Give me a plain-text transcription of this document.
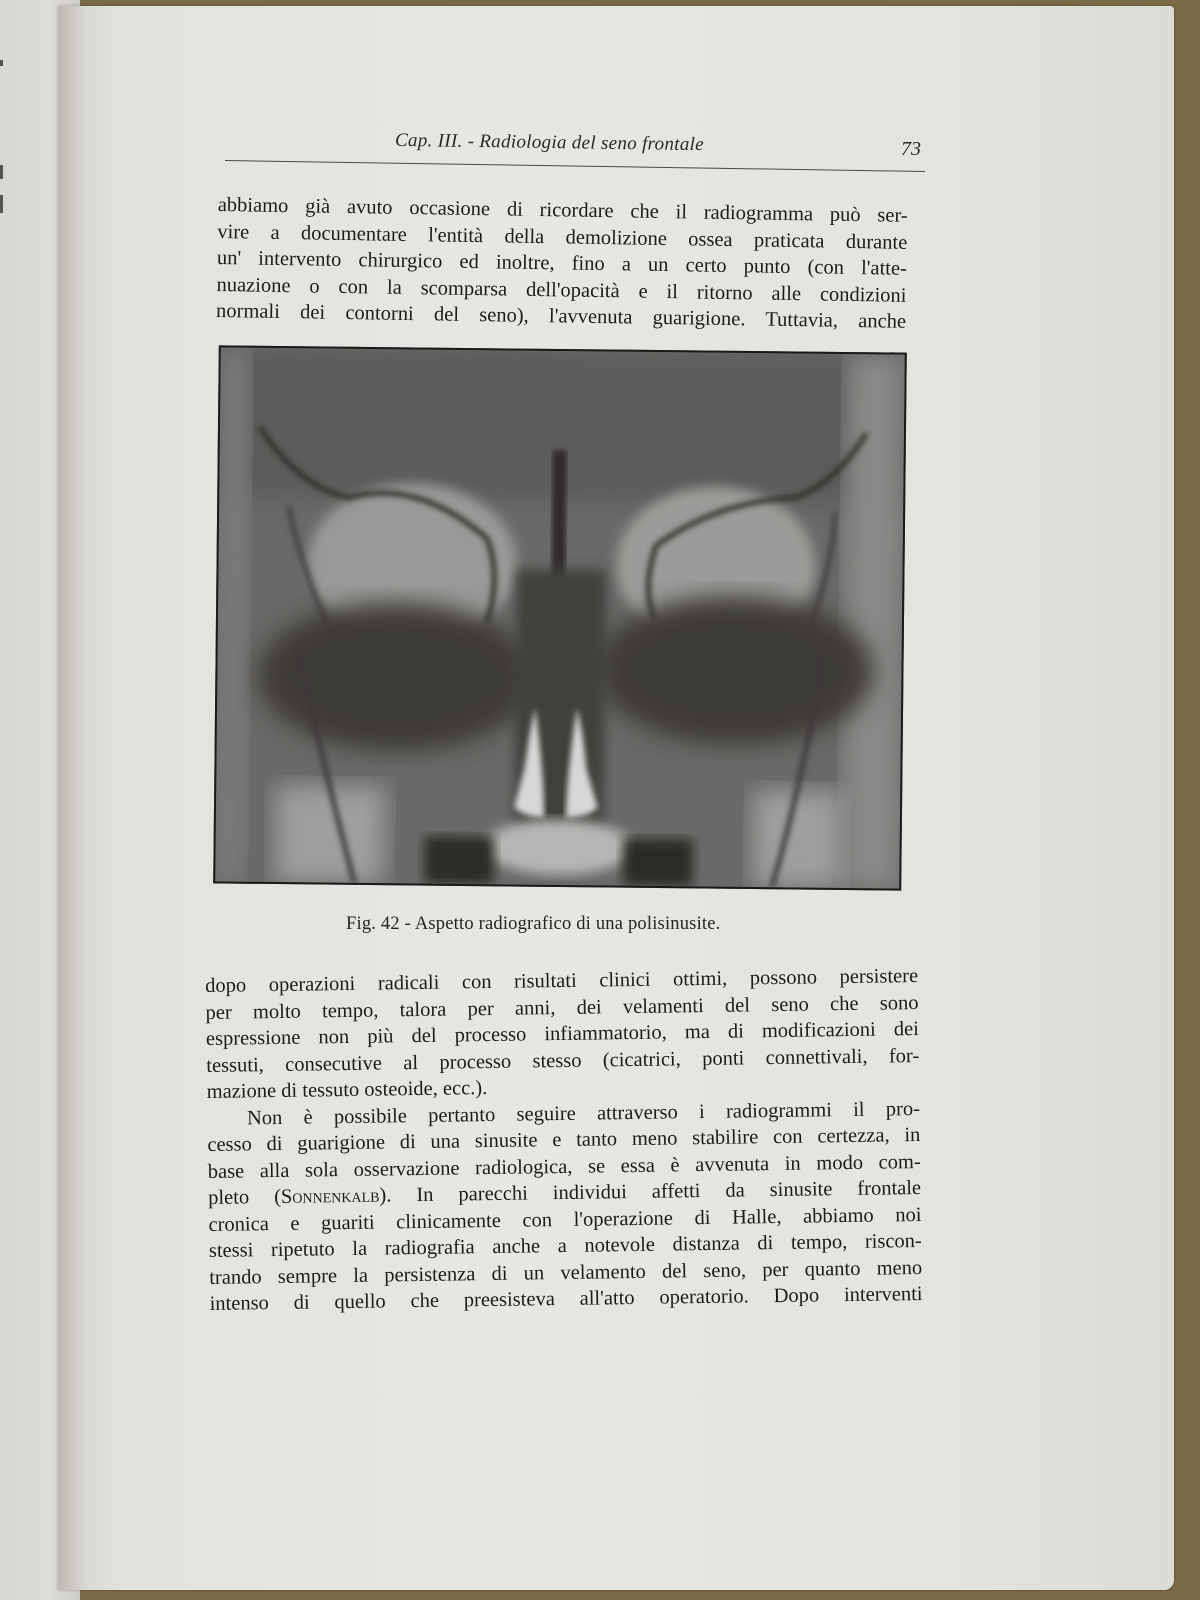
Cap. III. - Radiologia del seno frontale	73
abbiamo già avuto occasione di ricordare che il radiogramma può ser-
vire a documentare l'entità della demolizione ossea praticata durante
un' intervento chirurgico ed inoltre, fino a un certo punto (con l'atte-
nuazione o con la scomparsa dell'opacità e il ritorno alle condizioni
normali dei contorni del seno), l'avvenuta guarigione. Tuttavia, anche
Fig. 42 - Aspetto radiografico di una polisinusite.
dopo operazioni radicali con risultati clinici ottimi, possono persistere
per molto tempo, talora per anni, dei velamenti del seno che sono
espressione non più del processo infiammatorio, ma di modificazioni dei
tessuti, consecutive al processo stesso (cicatrici, ponti connettivali, for-
mazione di tessuto osteoide, ecc.).
Non è possibile pertanto seguire attraverso i radiogrammi il pro-
cesso di guarigione di una sinusite e tanto meno stabilire con certezza, in
base alla sola osservazione radiologica, se essa è avvenuta in modo com-
pleto (Sonnenkalb). In parecchi individui affetti da sinusite frontale
cronica e guariti clinicamente con l'operazione di Halle, abbiamo noi
stessi ripetuto la radiografia anche a notevole distanza di tempo, riscon-
trando sempre la persistenza di un velamento del seno, per quanto meno
intenso di quello che preesisteva all'atto operatorio. Dopo interventi
